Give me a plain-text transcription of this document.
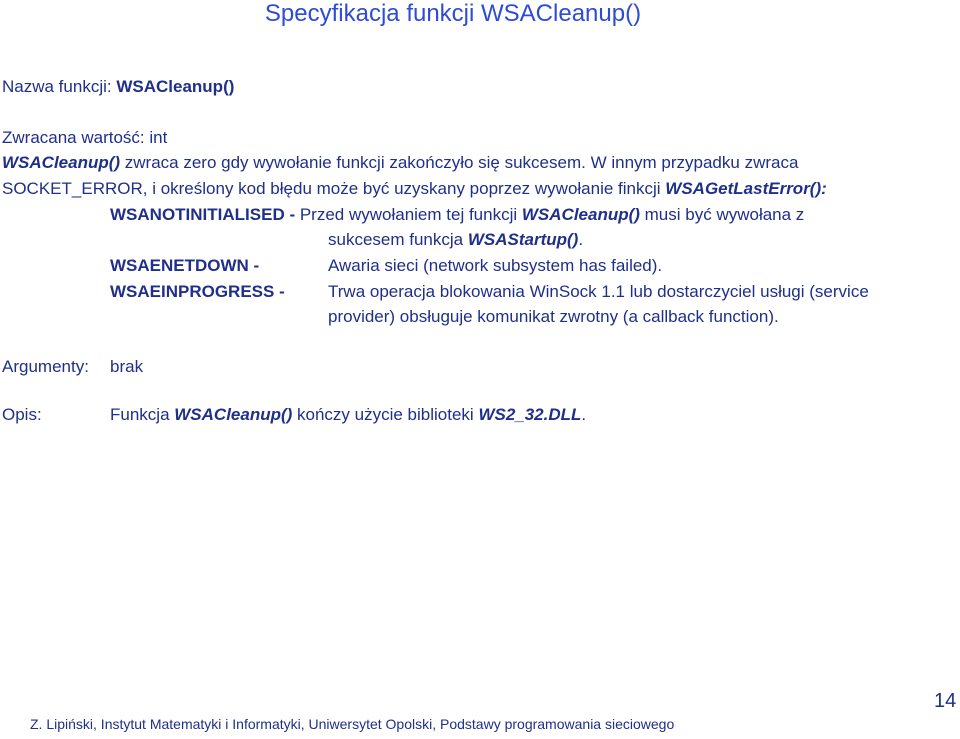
Specyfikacja funkcji WSACleanup()
Nazwa funkcji: WSACleanup()
Zwracana wartość: int
WSACleanup() zwraca zero gdy wywołanie funkcji zakończyło się sukcesem. W innym przypadku zwraca
SOCKET_ERROR, i określony kod błędu może być uzyskany poprzez wywołanie finkcji WSAGetLastError():
WSANOTINITIALISED - Przed wywołaniem tej funkcji WSACleanup() musi być wywołana z
sukcesem funkcja WSAStartup().
WSAENETDOWN -	Awaria sieci (network subsystem has failed).
WSAEINPROGRESS -	Trwa operacja blokowania WinSock 1.1 lub dostarczyciel usługi (service
provider) obsługuje komunikat zwrotny (a callback function).
Argumenty: brak
Opis:	Funkcja WSACleanup() kończy użycie biblioteki WS2_32.DLL.
14
Z. Lipiński, Instytut Matematyki i Informatyki, Uniwersytet Opolski, Podstawy programowania sieciowego
